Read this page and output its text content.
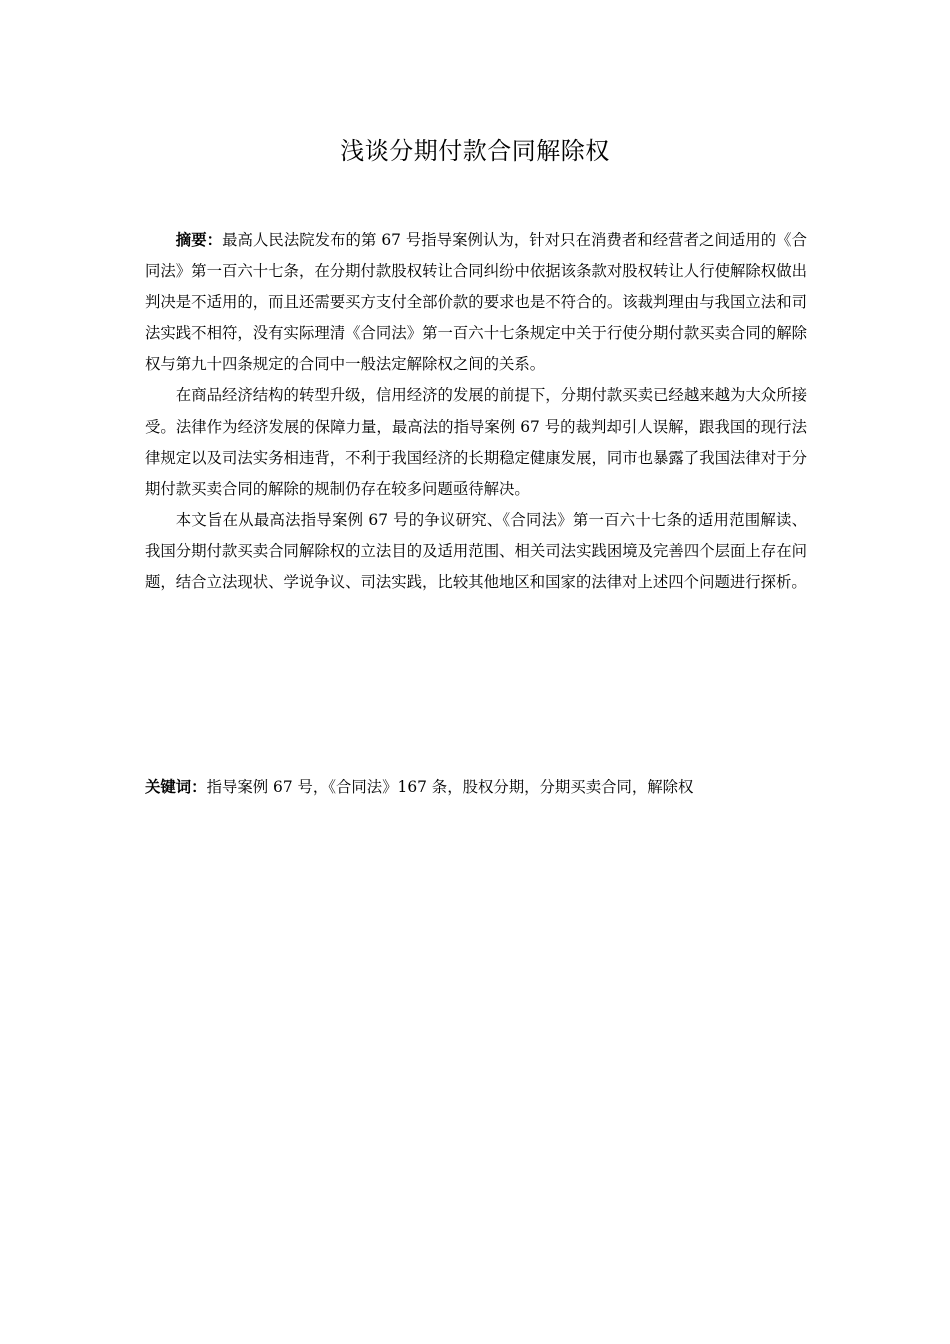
浅谈分期付款合同解除权

摘要：最高人民法院发布的第 67 号指导案例认为，针对只在消费者和经营者之间适用的《合同法》第一百六十七条，在分期付款股权转让合同纠纷中依据该条款对股权转让人行使解除权做出判决是不适用的，而且还需要买方支付全部价款的要求也是不符合的。该裁判理由与我国立法和司法实践不相符，没有实际理清《合同法》第一百六十七条规定中关于行使分期付款买卖合同的解除权与第九十四条规定的合同中一般法定解除权之间的关系。

在商品经济结构的转型升级，信用经济的发展的前提下，分期付款买卖已经越来越为大众所接受。法律作为经济发展的保障力量，最高法的指导案例 67 号的裁判却引人误解，跟我国的现行法律规定以及司法实务相违背，不利于我国经济的长期稳定健康发展，同市也暴露了我国法律对于分期付款买卖合同的解除的规制仍存在较多问题亟待解决。

本文旨在从最高法指导案例 67 号的争议研究、《合同法》第一百六十七条的适用范围解读、我国分期付款买卖合同解除权的立法目的及适用范围、相关司法实践困境及完善四个层面上存在问题，结合立法现状、学说争议、司法实践，比较其他地区和国家的法律对上述四个问题进行探析。

关键词：指导案例 67 号，《合同法》167 条，股权分期，分期买卖合同，解除权
